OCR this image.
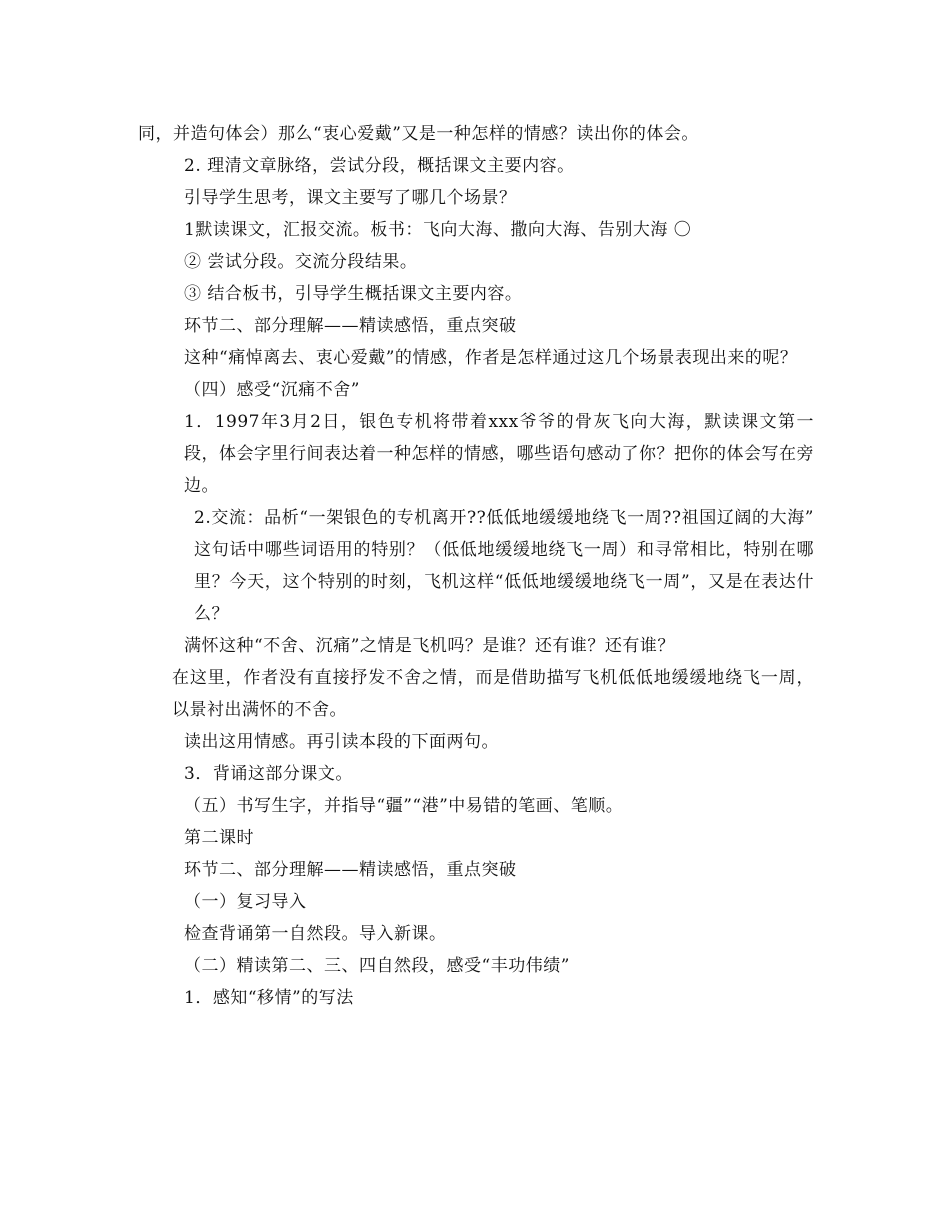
同，并造句体会）那么“衷心爱戴”又是一种怎样的情感？读出你的体会。

2. 理清文章脉络，尝试分段，概括课文主要内容。

引导学生思考，课文主要写了哪几个场景？

1默读课文，汇报交流。板书：飞向大海、撒向大海、告别大海 〇

② 尝试分段。交流分段结果。

③ 结合板书，引导学生概括课文主要内容。

环节二、部分理解——精读感悟，重点突破

这种“痛悼离去、衷心爱戴”的情感，作者是怎样通过这几个场景表现出来的呢？

（四）感受“沉痛不舍”

1．1997年3月2日，银色专机将带着xxx爷爷的骨灰飞向大海，默读课文第一段，体会字里行间表达着一种怎样的情感，哪些语句感动了你？把你的体会写在旁边。

2.交流：品析“一架银色的专机离开??低低地缓缓地绕飞一周??祖国辽阔的大海” 这句话中哪些词语用的特别？（低低地缓缓地绕飞一周）和寻常相比，特别在哪里？今天，这个特别的时刻，飞机这样“低低地缓缓地绕飞一周”，又是在表达什么？

满怀这种“不舍、沉痛”之情是飞机吗？是谁？还有谁？还有谁？

在这里，作者没有直接抒发不舍之情，而是借助描写飞机低低地缓缓地绕飞一周，以景衬出满怀的不舍。

读出这用情感。再引读本段的下面两句。

3．背诵这部分课文。

（五）书写生字，并指导“疆”“港”中易错的笔画、笔顺。

第二课时

环节二、部分理解——精读感悟，重点突破

（一）复习导入

检查背诵第一自然段。导入新课。

（二）精读第二、三、四自然段，感受“丰功伟绩”

1．感知“移情”的写法
